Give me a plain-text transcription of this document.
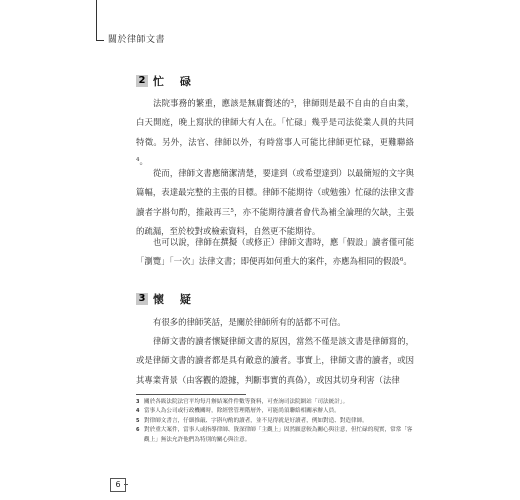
關於律師文書
2 忙 碌

法院事務的繁重，應該是無庸贅述的$^3$，律師則是最不自由的自由業，白天開庭，晚上寫狀的律師大有人在。「忙碌」幾乎是司法從業人員的共同特徵。另外，法官、律師以外，有時當事人可能比律師更忙碌，更難聯絡$^4$。

從而，律師文書應簡潔清楚，要達到（或希望達到）以最簡短的文字與篇幅，表達最完整的主張的目標。律師不能期待（或勉強）忙碌的法律文書讀者字斟句酌，推敲再三$^5$，亦不能期待讀者會代為補全論理的欠缺，主張的疏漏，至於校對或檢索資料，自然更不能期待。

也可以說，律師在撰擬（或修正）律師文書時，應「假設」讀者僅可能「瀏覽」「一次」法律文書；即便再如何重大的案件，亦應為相同的假設$^6$。

3 懷 疑

有很多的律師笑話，是關於律師所有的話都不可信。

律師文書的讀者懷疑律師文書的原因，當然不僅是該文書是律師寫的，或是律師文書的讀者都是具有敵意的讀者。事實上，律師文書的讀者，或因其專業背景（由客觀的證據，判斷事實的真偽），或因其切身利害（法律

3 關於各級法院法官平均每月辦結案件件數等資料，可查詢司法院網站「司法統計」。
4 當事人為公司或行政機關時，除經營管理階層外，可能尚須聯絡相關承辦人員。
5 對律師文書言，仔細推敲、字斟句酌的讀者，並不見得就是好讀者，例如對造、對造律師。
6 對於重大案件，當事人或指導律師、資深律師「主觀上」固然願意較為關心與注意，但忙碌的現實，常常「客觀上」無法允許他們為特別的關心與注意。
6
